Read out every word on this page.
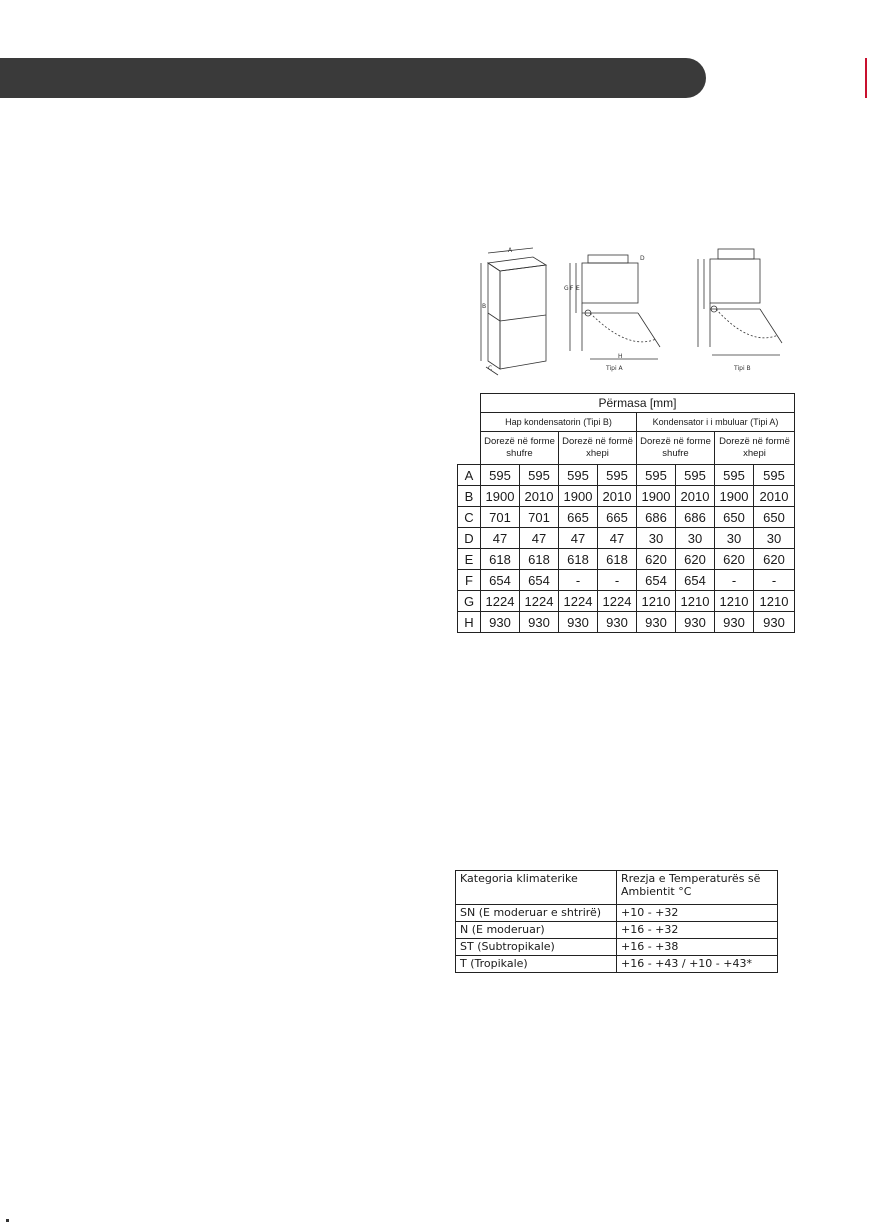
A
B
C
D
E
F
G
H
Tipi A	Tipi B
	Përmasa [mm]							
	Hap kondensatorin (Tipi B)				Kondensator i i mbuluar (Tipi A)			
	Dorezë në forme shufre		Dorezë në formë xhepi		Dorezë në forme shufre		Dorezë në formë xhepi	
A	595	595	595	595	595	595	595	595
B	1900	2010	1900	2010	1900	2010	1900	2010
C	701	701	665	665	686	686	650	650
D	47	47	47	47	30	30	30	30
E	618	618	618	618	620	620	620	620
F	654	654	-	-	654	654	-	-
G	1224	1224	1224	1224	1210	1210	1210	1210
H	930	930	930	930	930	930	930	930
Kategoria klimaterike	Rrezja e Temperaturës së Ambientit °C
SN (E moderuar e shtrirë)	+10 - +32
N (E moderuar)	+16 - +32
ST (Subtropikale)	+16 - +38
T (Tropikale)	+16 - +43 / +10 - +43*
